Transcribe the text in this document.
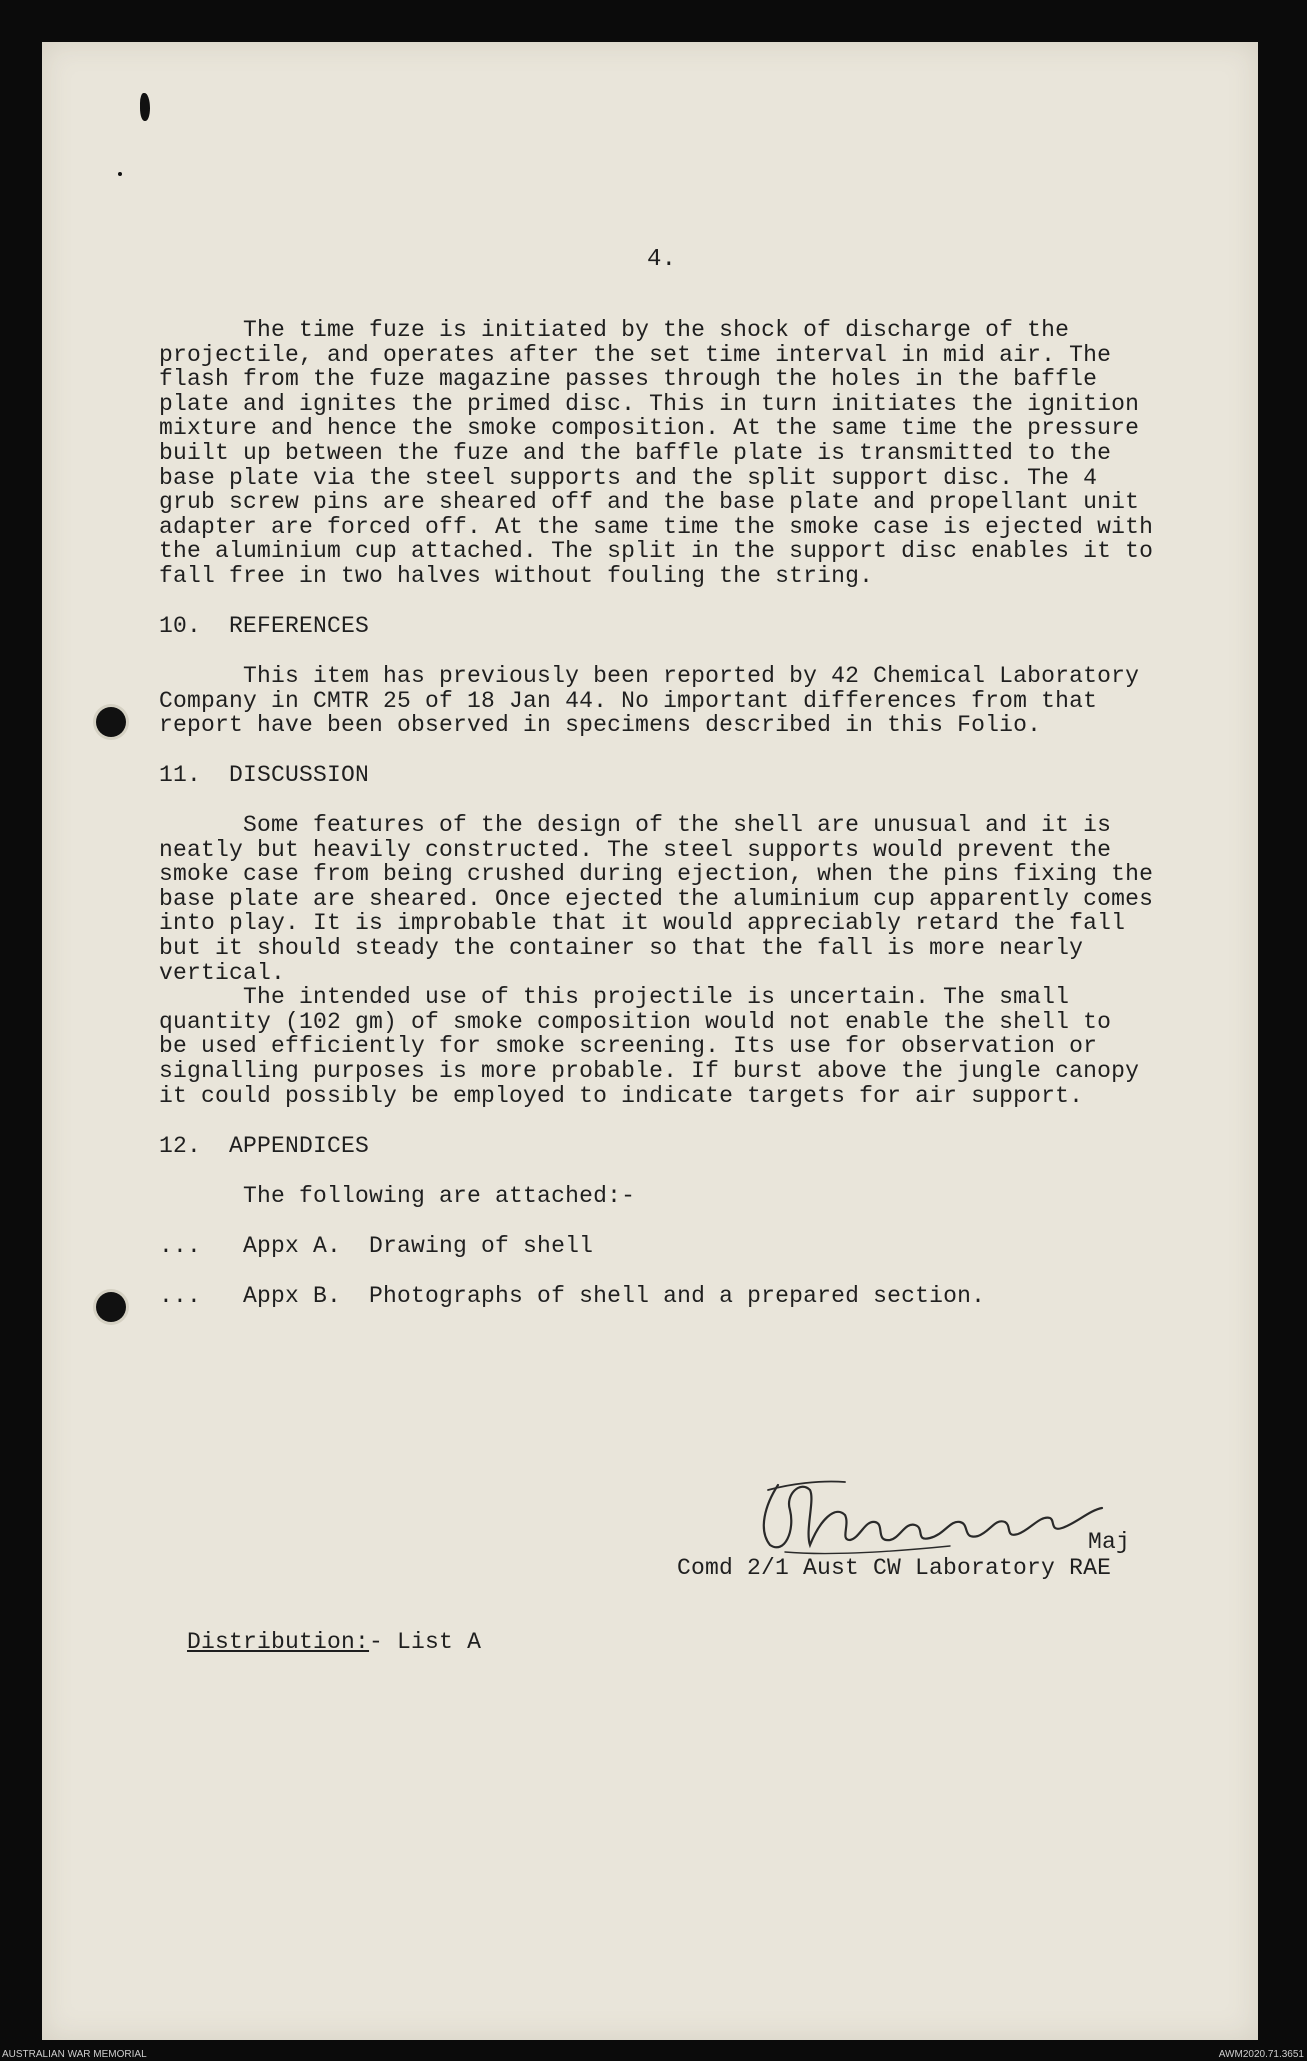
4.
The time fuze is initiated by the shock of discharge of the
projectile, and operates after the set time interval in mid air. The
flash from the fuze magazine passes through the holes in the baffle
plate and ignites the primed disc. This in turn initiates the ignition
mixture and hence the smoke composition. At the same time the pressure
built up between the fuze and the baffle plate is transmitted to the
base plate via the steel supports and the split support disc. The 4
grub screw pins are sheared off and the base plate and propellant unit
adapter are forced off. At the same time the smoke case is ejected with
the aluminium cup attached. The split in the support disc enables it to
fall free in two halves without fouling the string.
10.  REFERENCES
This item has previously been reported by 42 Chemical Laboratory
Company in CMTR 25 of 18 Jan 44. No important differences from that
report have been observed in specimens described in this Folio.
11.  DISCUSSION
Some features of the design of the shell are unusual and it is
neatly but heavily constructed. The steel supports would prevent the
smoke case from being crushed during ejection, when the pins fixing the
base plate are sheared. Once ejected the aluminium cup apparently comes
into play. It is improbable that it would appreciably retard the fall
but it should steady the container so that the fall is more nearly
vertical.
The intended use of this projectile is uncertain. The small
quantity (102 gm) of smoke composition would not enable the shell to
be used efficiently for smoke screening. Its use for observation or
signalling purposes is more probable. If burst above the jungle canopy
it could possibly be employed to indicate targets for air support.
12.  APPENDICES
The following are attached:-
...   Appx A.  Drawing of shell
...   Appx B.  Photographs of shell and a prepared section.
Maj
Comd 2/1 Aust CW Laboratory RAE

Distribution:- List A

AUSTRALIAN WAR MEMORIAL	AWM2020.71.3651
